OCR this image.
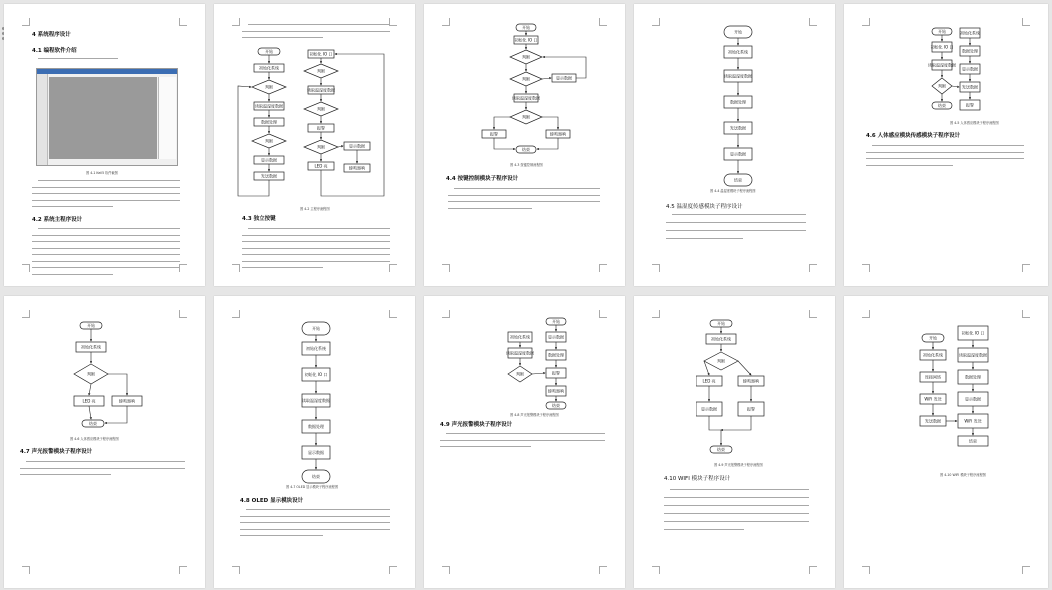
4 系统程序设计
4.1 编程软件介绍
图 4-1 Keil5 软件截图
4.2 系统主程序设计
开始
初始化系统
判断
读取温湿度数据
数据处理
判断
显示数据
发送数据
初始化 IO 口
判断
读取温湿度数据
判断
报警
判断
LED 亮
显示数据
蜂鸣器响
图 4-2 主程序流程图
4.3 独立按键
开始
初始化 IO 口
判断
判断
读取温湿度数据
显示数据
判断
报警	蜂鸣器响
结束
图 4-3 按键控制流程图
4.4 按键控制模块子程序设计
开始
初始化系统
读取温湿度数据
数据处理
发送数据
显示数据
结束
图 4-4 温湿度模块子程序流程图
4.5 温湿度传感模块子程序设计
开始
初始化 IO 口
读取温湿度数据
判断
结束
初始化系统
数据处理
显示数据
发送数据
报警
图 4-5 人体感应模块子程序流程图
4.6 人体感应模块传感模块子程序设计
开始
初始化系统
判断
LED 亮	蜂鸣器响
结束
图 4-6 人体感应模块子程序流程图
4.7 声光报警模块子程序设计
开始
初始化系统
初始化 IO 口
读取温湿度数据
数据处理
显示数据
结束
图 4-7 OLED 显示模块子程序流程图
4.8 OLED 显示模块设计
开始
初始化系统
读取温湿度数据
判断
显示数据
数据处理
报警
蜂鸣器响
结束
图 4-8 声光报警模块子程序流程图
4.9 声光报警模块子程序设计
开始
初始化系统
判断
LED 亮	蜂鸣器响
显示数据	报警
结束
图 4-9 声光报警模块子程序流程图
4.10 WIFI 模块子程序设计
开始
初始化系统
连接网络
WiFi 发送
发送数据
初始化 IO 口
读取温湿度数据
数据处理
显示数据
WiFi 发送
结束
图 4-10 WIFI 模块子程序流程图
